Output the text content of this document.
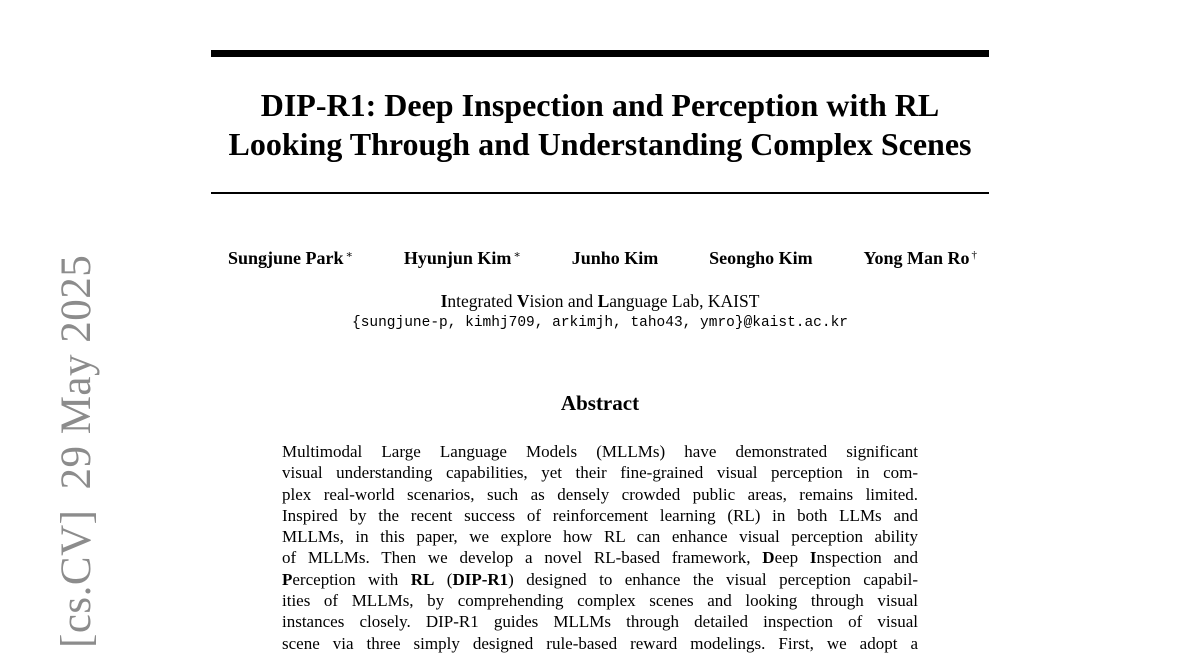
[cs.CV]29 May 2025
DIP-R1: Deep Inspection and Perception with RL
Looking Through and Understanding Complex Scenes
Sungjune Park ∗	Hyunjun Kim ∗	Junho Kim	Seongho Kim	Yong Man Ro †
Integrated Vision and Language Lab, KAIST
{sungjune-p, kimhj709, arkimjh, taho43, ymro}@kaist.ac.kr
Abstract
Multimodal Large Language Models (MLLMs) have demonstrated significant
visual understanding capabilities, yet their fine-grained visual perception in com-
plex real-world scenarios, such as densely crowded public areas, remains limited.
Inspired by the recent success of reinforcement learning (RL) in both LLMs and
MLLMs, in this paper, we explore how RL can enhance visual perception ability
of MLLMs. Then we develop a novel RL-based framework, Deep Inspection and
Perception with RL (DIP-R1) designed to enhance the visual perception capabil-
ities of MLLMs, by comprehending complex scenes and looking through visual
instances closely. DIP-R1 guides MLLMs through detailed inspection of visual
scene via three simply designed rule-based reward modelings. First, we adopt a
